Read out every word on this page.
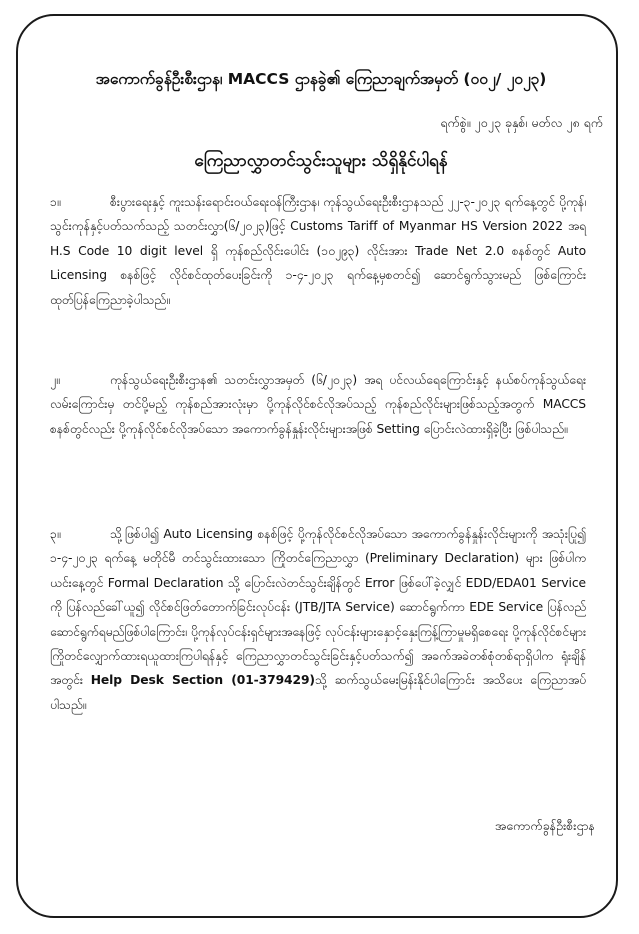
အကောက်ခွန်ဦးစီးဌာန၊ MACCS ဌာနခွဲ၏ ကြေညာချက်အမှတ် (၀၀၂/ ၂၀၂၃)
ရက်စွဲ။ ၂၀၂၃ ခုနှစ်၊ မတ်လ ၂၈ ရက်
ကြေညာလွှာတင်သွင်းသူများ သိရှိနိုင်ပါရန်
၁။	စီးပွားရေးနှင့် ကူးသန်းရောင်းဝယ်ရေးဝန်ကြီးဌာန၊ ကုန်သွယ်ရေးဦးစီးဌာနသည် ၂၂-၃-၂၀၂၃ ရက်နေ့တွင် ပို့ကုန်၊ သွင်းကုန်နှင့်ပတ်သက်သည့် သတင်းလွှာ(၆/၂၀၂၃)ဖြင့် Customs Tariff of Myanmar HS Version 2022 အရ H.S Code 10 digit level ရှိ ကုန်စည်လိုင်းပေါင်း (၁၀၂၉၃) လိုင်းအား Trade Net 2.0 စနစ်တွင် Auto Licensing စနစ်ဖြင့် လိုင်စင်ထုတ်ပေးခြင်းကို ၁-၄-၂၀၂၃ ရက်နေ့မှစတင်၍ ဆောင်ရွက်သွားမည် ဖြစ်ကြောင်း ထုတ်ပြန်ကြေညာခဲ့ပါသည်။
၂။	ကုန်သွယ်ရေးဦးစီးဌာန၏ သတင်းလွှာအမှတ် (၆/၂၀၂၃) အရ ပင်လယ်ရေကြောင်းနှင့် နယ်စပ်ကုန်သွယ်ရေးလမ်းကြောင်းမှ တင်ပို့မည့် ကုန်စည်အားလုံးမှာ ပို့ကုန်လိုင်စင်လိုအပ်သည့် ကုန်စည်လိုင်းများဖြစ်သည့်အတွက် MACCS စနစ်တွင်လည်း ပို့ကုန်လိုင်စင်လိုအပ်သော အကောက်ခွန်နှုန်းလိုင်းများအဖြစ် Setting ပြောင်းလဲထားရှိခဲ့ပြီး ဖြစ်ပါသည်။
၃။	သို့ဖြစ်ပါ၍ Auto Licensing စနစ်ဖြင့် ပို့ကုန်လိုင်စင်လိုအပ်သော အကောက်ခွန်နှုန်းလိုင်းများကို အသုံးပြု၍ ၁-၄-၂၀၂၃ ရက်နေ့ မတိုင်မီ တင်သွင်းထားသော ကြိုတင်ကြေညာလွှာ (Preliminary Declaration) များ ဖြစ်ပါက ယင်းနေ့တွင် Formal Declaration သို့ ပြောင်းလဲတင်သွင်းချိန်တွင် Error ဖြစ်ပေါ်ခဲ့လျှင် EDD/EDA01 Service ကို ပြန်လည်ခေါ်ယူ၍ လိုင်စင်ဖြတ်တောက်ခြင်းလုပ်ငန်း (JTB/JTA Service) ဆောင်ရွက်ကာ EDE Service ပြန်လည်ဆောင်ရွက်ရမည်ဖြစ်ပါကြောင်း၊ ပို့ကုန်လုပ်ငန်းရှင်များအနေဖြင့် လုပ်ငန်းများနှောင့်နှေးကြန့်ကြာမှုမရှိစေရေး ပို့ကုန်လိုင်စင်များ ကြိုတင်လျှောက်ထားရယူထားကြပါရန်နှင့် ကြေညာလွှာတင်သွင်းခြင်းနှင့်ပတ်သက်၍ အခက်အခဲတစ်စုံတစ်ရာရှိပါက ရုံးချိန်အတွင်း Help Desk Section (01-379429)သို့ ဆက်သွယ်မေးမြန်းနိုင်ပါကြောင်း အသိပေး ကြေညာအပ်ပါသည်။
အကောက်ခွန်ဦးစီးဌာန
